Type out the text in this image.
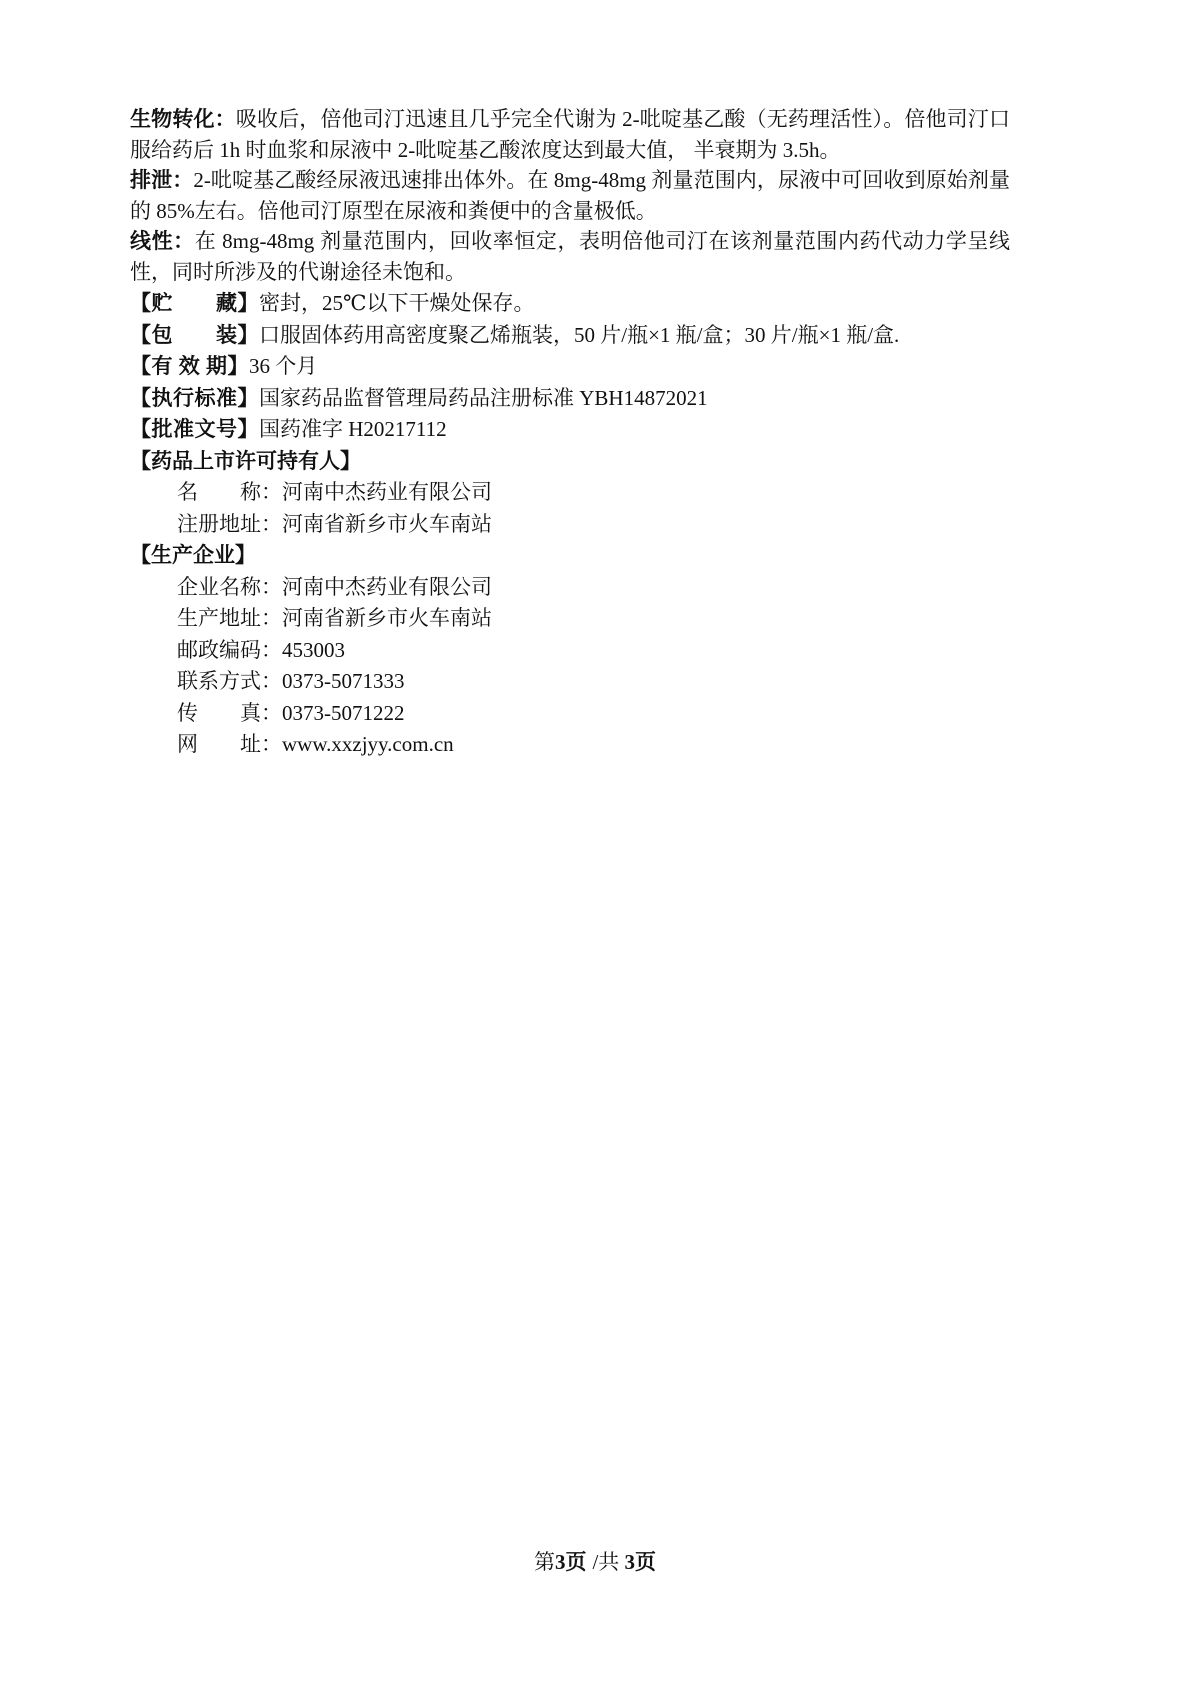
生物转化：吸收后，倍他司汀迅速且几乎完全代谢为 2-吡啶基乙酸（无药理活性）。倍他司汀口服给药后 1h 时血浆和尿液中 2-吡啶基乙酸浓度达到最大值， 半衰期为 3.5h。

排泄：2-吡啶基乙酸经尿液迅速排出体外。在 8mg-48mg 剂量范围内，尿液中可回收到原始剂量的 85%左右。倍他司汀原型在尿液和粪便中的含量极低。

线性：在 8mg-48mg 剂量范围内，回收率恒定，表明倍他司汀在该剂量范围内药代动力学呈线性，同时所涉及的代谢途径未饱和。

【贮　　藏】密封，25℃以下干燥处保存。

【包　　装】口服固体药用高密度聚乙烯瓶装，50 片/瓶×1 瓶/盒；30 片/瓶×1 瓶/盒.

【有 效 期】36 个月

【执行标准】国家药品监督管理局药品注册标准 YBH14872021

【批准文号】国药准字 H20217112

【药品上市许可持有人】

名　　称：河南中杰药业有限公司

注册地址：河南省新乡市火车南站

【生产企业】

企业名称：河南中杰药业有限公司

生产地址：河南省新乡市火车南站

邮政编码：453003

联系方式：0373-5071333

传　　真：0373-5071222

网　　址：www.xxzjyy.com.cn

第3页 /共 3页
